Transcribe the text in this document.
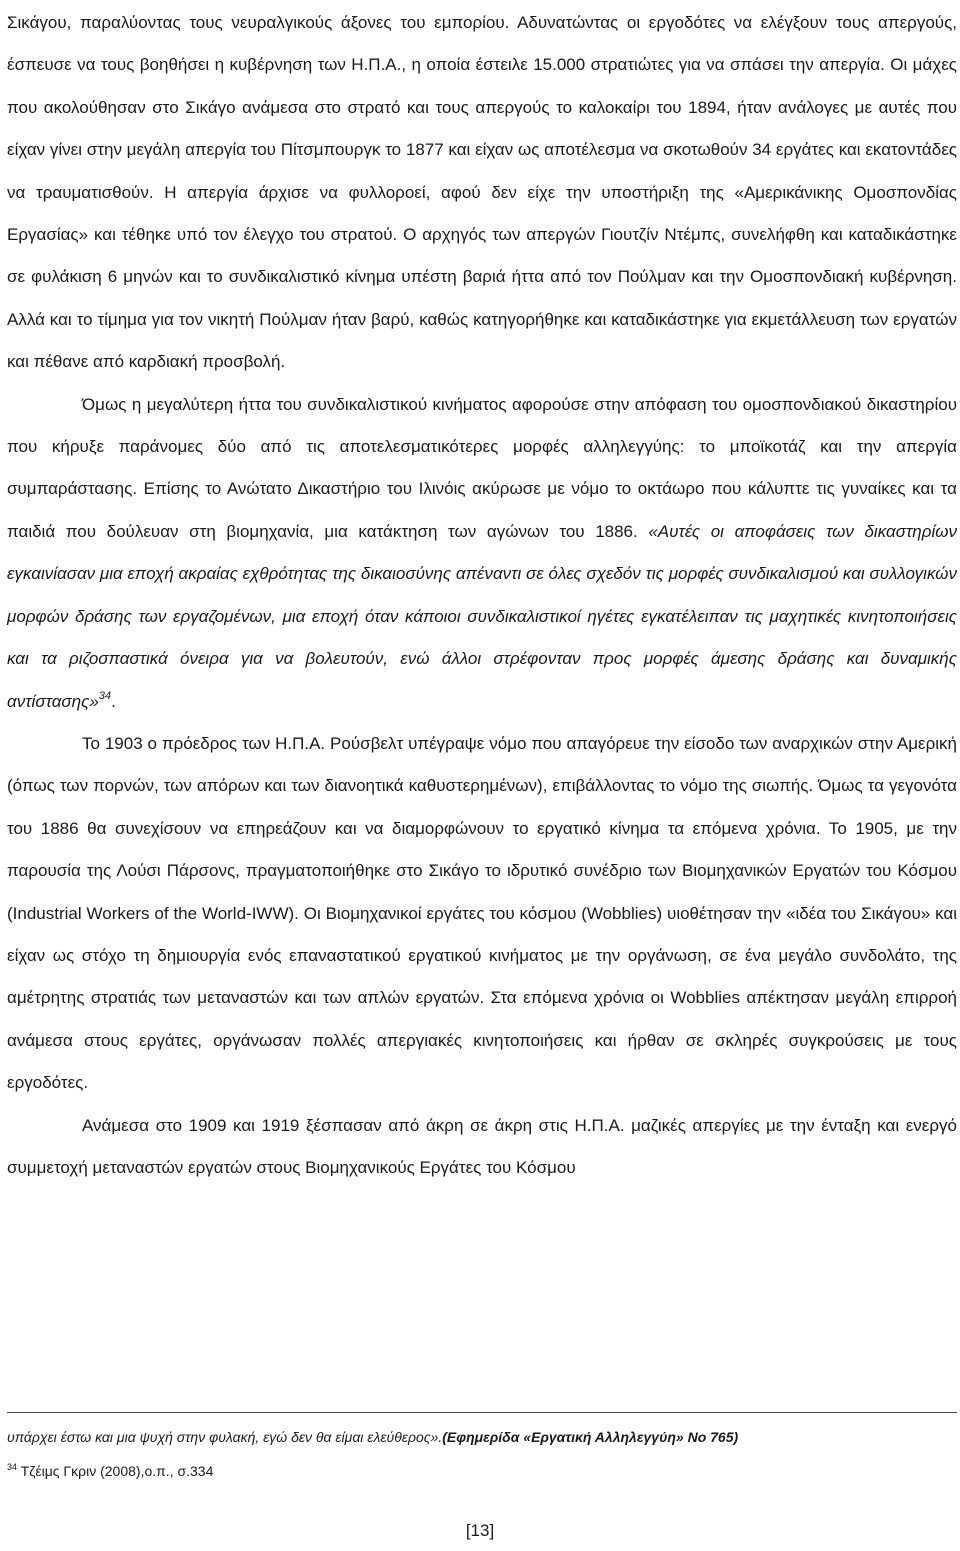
Σικάγου, παραλύοντας τους νευραλγικούς άξονες του εμπορίου. Αδυνατώντας οι εργοδότες να ελέγξουν τους απεργούς, έσπευσε να τους βοηθήσει η κυβέρνηση των Η.Π.Α., η οποία έστειλε 15.000 στρατιώτες για να σπάσει την απεργία. Οι μάχες που ακολούθησαν στο Σικάγο ανάμεσα στο στρατό και τους απεργούς το καλοκαίρι του 1894, ήταν ανάλογες με αυτές που είχαν γίνει στην μεγάλη απεργία του Πίτσμπουργκ το 1877 και είχαν ως αποτέλεσμα να σκοτωθούν 34 εργάτες και εκατοντάδες να τραυματισθούν. Η απεργία άρχισε να φυλλοροεί, αφού δεν είχε την υποστήριξη της «Αμερικάνικης Ομοσπονδίας Εργασίας» και τέθηκε υπό τον έλεγχο του στρατού. Ο αρχηγός των απεργών Γιουτζίν Ντέμπς, συνελήφθη και καταδικάστηκε σε φυλάκιση 6 μηνών και το συνδικαλιστικό κίνημα υπέστη βαριά ήττα από τον Πούλμαν και την Ομοσπονδιακή κυβέρνηση. Αλλά και το τίμημα για τον νικητή Πούλμαν ήταν βαρύ, καθώς κατηγορήθηκε και καταδικάστηκε για εκμετάλλευση των εργατών και πέθανε από καρδιακή προσβολή.

Όμως η μεγαλύτερη ήττα του συνδικαλιστικού κινήματος αφορούσε στην απόφαση του ομοσπονδιακού δικαστηρίου που κήρυξε παράνομες δύο από τις αποτελεσματικότερες μορφές αλληλεγγύης: το μποϊκοτάζ και την απεργία συμπαράστασης. Επίσης το Ανώτατο Δικαστήριο του Ιλινόις ακύρωσε με νόμο το οκτάωρο που κάλυπτε τις γυναίκες και τα παιδιά που δούλευαν στη βιομηχανία, μια κατάκτηση των αγώνων του 1886. «Αυτές οι αποφάσεις των δικαστηρίων εγκαινίασαν μια εποχή ακραίας εχθρότητας της δικαιοσύνης απέναντι σε όλες σχεδόν τις μορφές συνδικαλισμού και συλλογικών μορφών δράσης των εργαζομένων, μια εποχή όταν κάποιοι συνδικαλιστικοί ηγέτες εγκατέλειπαν τις μαχητικές κινητοποιήσεις και τα ριζοσπαστικά όνειρα για να βολευτούν, ενώ άλλοι στρέφονταν προς μορφές άμεσης δράσης και δυναμικής αντίστασης»$^{34}$.

Το 1903 ο πρόεδρος των Η.Π.Α. Ρούσβελτ υπέγραψε νόμο που απαγόρευε την είσοδο των αναρχικών στην Αμερική (όπως των πορνών, των απόρων και των διανοητικά καθυστερημένων), επιβάλλοντας το νόμο της σιωπής. Όμως τα γεγονότα του 1886 θα συνεχίσουν να επηρεάζουν και να διαμορφώνουν το εργατικό κίνημα τα επόμενα χρόνια. Το 1905, με την παρουσία της Λούσι Πάρσονς, πραγματοποιήθηκε στο Σικάγο το ιδρυτικό συνέδριο των Βιομηχανικών Εργατών του Κόσμου (Industrial Workers of the World-IWW). Οι Βιομηχανικοί εργάτες του κόσμου (Wobblies) υιοθέτησαν την «ιδέα του Σικάγου» και είχαν ως στόχο τη δημιουργία ενός επαναστατικού εργατικού κινήματος με την οργάνωση, σε ένα μεγάλο συνδολάτο, της αμέτρητης στρατιάς των μεταναστών και των απλών εργατών. Στα επόμενα χρόνια οι Wobblies απέκτησαν μεγάλη επιρροή ανάμεσα στους εργάτες, οργάνωσαν πολλές απεργιακές κινητοποιήσεις και ήρθαν σε σκληρές συγκρούσεις με τους εργοδότες.

Ανάμεσα στο 1909 και 1919 ξέσπασαν από άκρη σε άκρη στις Η.Π.Α. μαζικές απεργίες με την ένταξη και ενεργό συμμετοχή μεταναστών εργατών στους Βιομηχανικούς Εργάτες του Κόσμου

υπάρχει έστω και μια ψυχή στην φυλακή, εγώ δεν θα είμαι ελεύθερος».(Εφημερίδα «Εργατική Αλληλεγγύη» Νο 765)

$^{34}$ Τζέιμς Γκριν (2008),ο.π., σ.334

[13]
